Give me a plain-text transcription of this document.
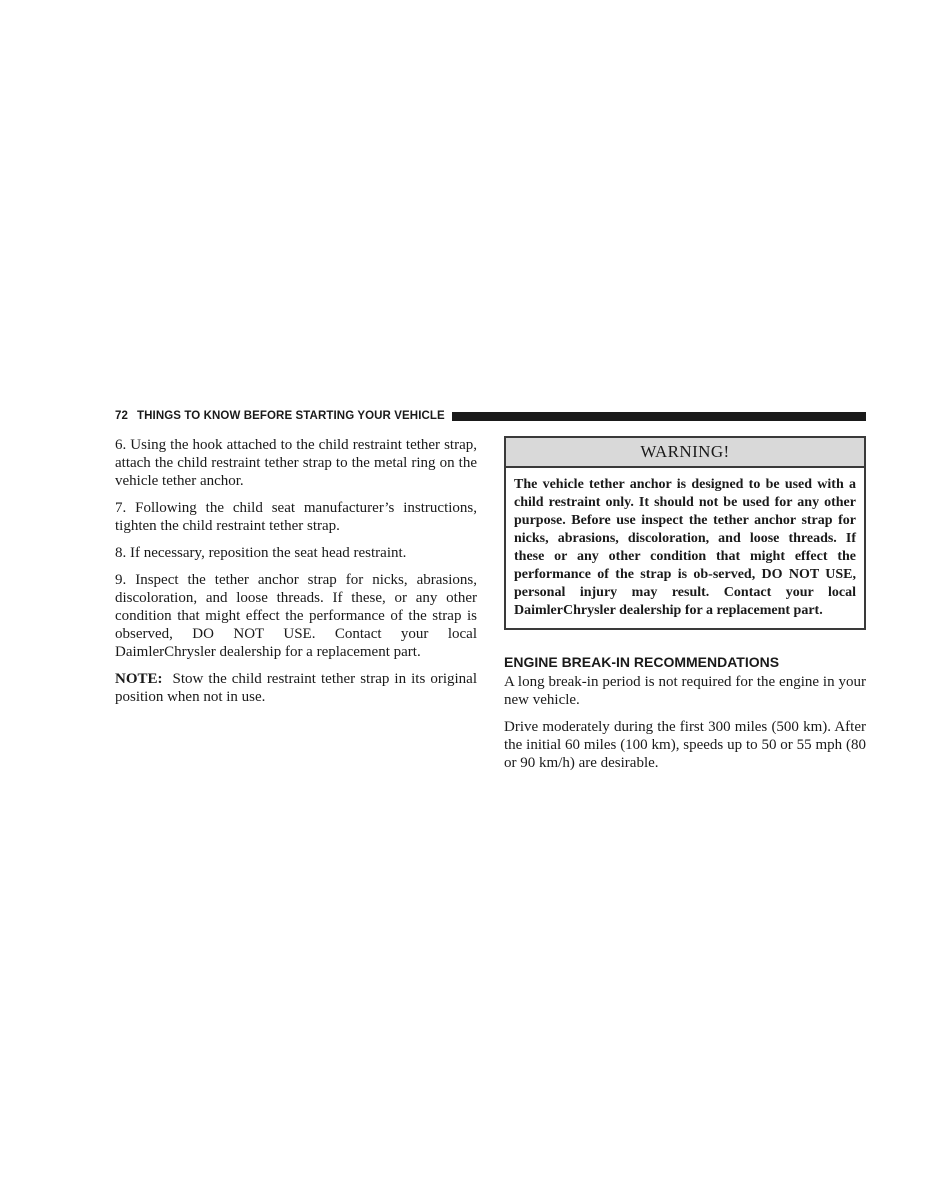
72 THINGS TO KNOW BEFORE STARTING YOUR VEHICLE

6. Using the hook attached to the child restraint tether strap, attach the child restraint tether strap to the metal ring on the vehicle tether anchor.

7. Following the child seat manufacturer’s instructions, tighten the child restraint tether strap.

8. If necessary, reposition the seat head restraint.

9. Inspect the tether anchor strap for nicks, abrasions, discoloration, and loose threads. If these, or any other condition that might effect the performance of the strap is observed, DO NOT USE. Contact your local DaimlerChrysler dealership for a replacement part.

NOTE: Stow the child restraint tether strap in its original position when not in use.

WARNING!

The vehicle tether anchor is designed to be used with a child restraint only. It should not be used for any other purpose. Before use inspect the tether anchor strap for nicks, abrasions, discoloration, and loose threads. If these or any other condition that might effect the performance of the strap is ob-served, DO NOT USE, personal injury may result. Contact your local DaimlerChrysler dealership for a replacement part.

ENGINE BREAK-IN RECOMMENDATIONS

A long break-in period is not required for the engine in your new vehicle.

Drive moderately during the first 300 miles (500 km). After the initial 60 miles (100 km), speeds up to 50 or 55 mph (80 or 90 km/h) are desirable.
